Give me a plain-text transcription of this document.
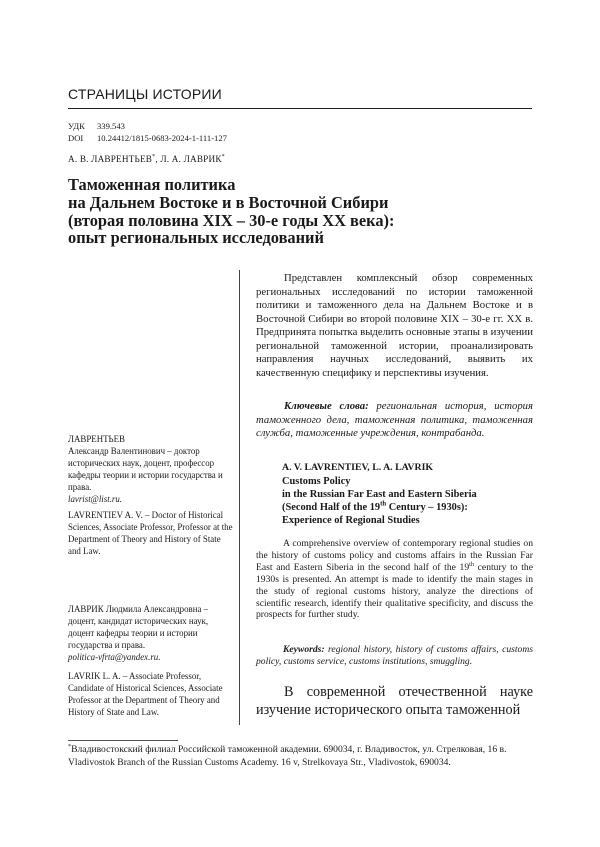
СТРАНИЦЫ ИСТОРИИ
УДК 339.543
DOI 10.24412/1815-0683-2024-1-111-127
А. В. ЛАВРЕНТЬЕВ*, Л. А. ЛАВРИК*
Таможенная политика
на Дальнем Востоке и в Восточной Сибири
(вторая половина XIX – 30-е годы XX века):
опыт региональных исследований

Представлен комплексный обзор современных региональных исследований по истории таможенной политики и таможенного дела на Дальнем Востоке и в Восточной Сибири во второй половине XIX – 30-е гг. XX в. Предпринята попытка выделить основные этапы в изучении региональной таможенной истории, проанализировать направления научных исследований, выявить их качественную специфику и перспективы изучения.

Ключевые слова: региональная история, история таможенного дела, таможенная политика, таможенная служба, таможенные учреждения, контрабанда.
A. V. LAVRENTIEV, L. A. LAVRIK
Customs Policy
in the Russian Far East and Eastern Siberia
(Second Half of the 19th Century – 1930s):
Experience of Regional Studies

A comprehensive overview of contemporary regional studies on the history of customs policy and customs affairs in the Russian Far East and Eastern Siberia in the second half of the 19th century to the 1930s is presented. An attempt is made to identify the main stages in the study of regional customs history, analyze the directions of scientific research, identify their qualitative specificity, and discuss the prospects for further study.

Keywords: regional history, history of customs affairs, customs policy, customs service, customs institutions, smuggling.

В современной отечественной науке изучение исторического опыта таможенной

ЛАВРЕНТЬЕВ
Александр Валентинович – доктор исторических наук, доцент, профессор кафедры теории и истории государства и права.
lavrist@list.ru.
LAVRENTIEV A. V. – Doctor of Historical Sciences, Associate Professor, Professor at the Department of Theory and History of State and Law.
ЛАВРИК Людмила Александровна – доцент, кандидат исторических наук, доцент кафедры теории и истории государства и права.
politica-vfrta@yandex.ru.
LAVRIK L. A. – Associate Professor, Candidate of Historical Sciences, Associate Professor at the Department of Theory and History of State and Law.
*Владивостокский филиал Российской таможенной академии. 690034, г. Владивосток, ул. Стрелковая, 16 в.
Vladivostok Branch of the Russian Customs Academy. 16 v, Strelkovaya Str., Vladivostok, 690034.
